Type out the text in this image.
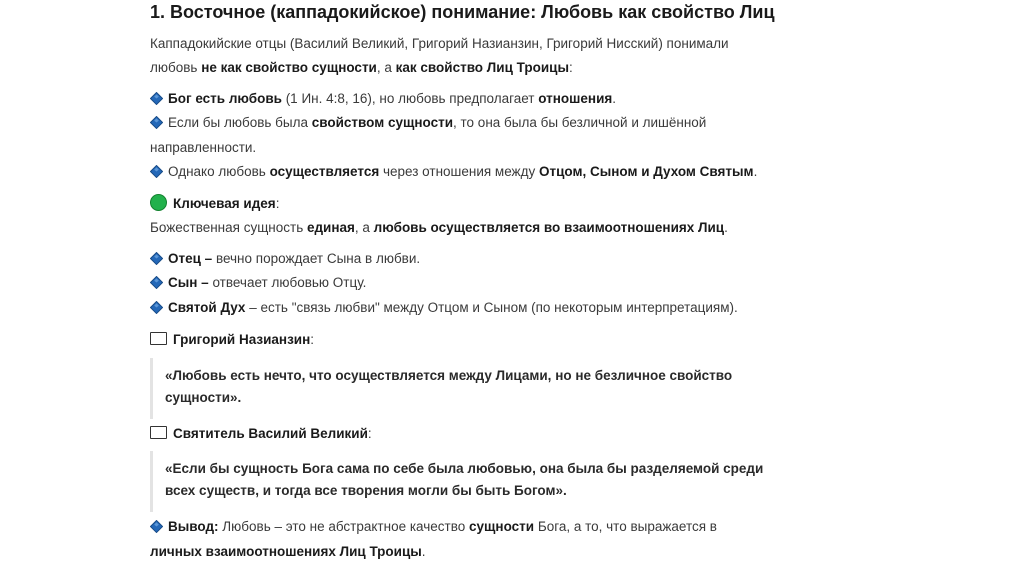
1. Восточное (каппадокийское) понимание: Любовь как свойство Лиц
Каппадокийские отцы (Василий Великий, Григорий Назианзин, Григорий Нисский) понимали
любовь не как свойство сущности, а как свойство Лиц Троицы:
Бог есть любовь (1 Ин. 4:8, 16), но любовь предполагает отношения.
Если бы любовь была свойством сущности, то она была бы безличной и лишённой
направленности.
Однако любовь осуществляется через отношения между Отцом, Сыном и Духом Святым.
Ключевая идея:
Божественная сущность единая, а любовь осуществляется во взаимоотношениях Лиц.
Отец – вечно порождает Сына в любви.
Сын – отвечает любовью Отцу.
Святой Дух – есть "связь любви" между Отцом и Сыном (по некоторым интерпретациям).
Григорий Назианзин:
«Любовь есть нечто, что осуществляется между Лицами, но не безличное свойство
сущности».
Святитель Василий Великий:
«Если бы сущность Бога сама по себе была любовью, она была бы разделяемой среди
всех существ, и тогда все творения могли бы быть Богом».
Вывод: Любовь – это не абстрактное качество сущности Бога, а то, что выражается в
личных взаимоотношениях Лиц Троицы.
